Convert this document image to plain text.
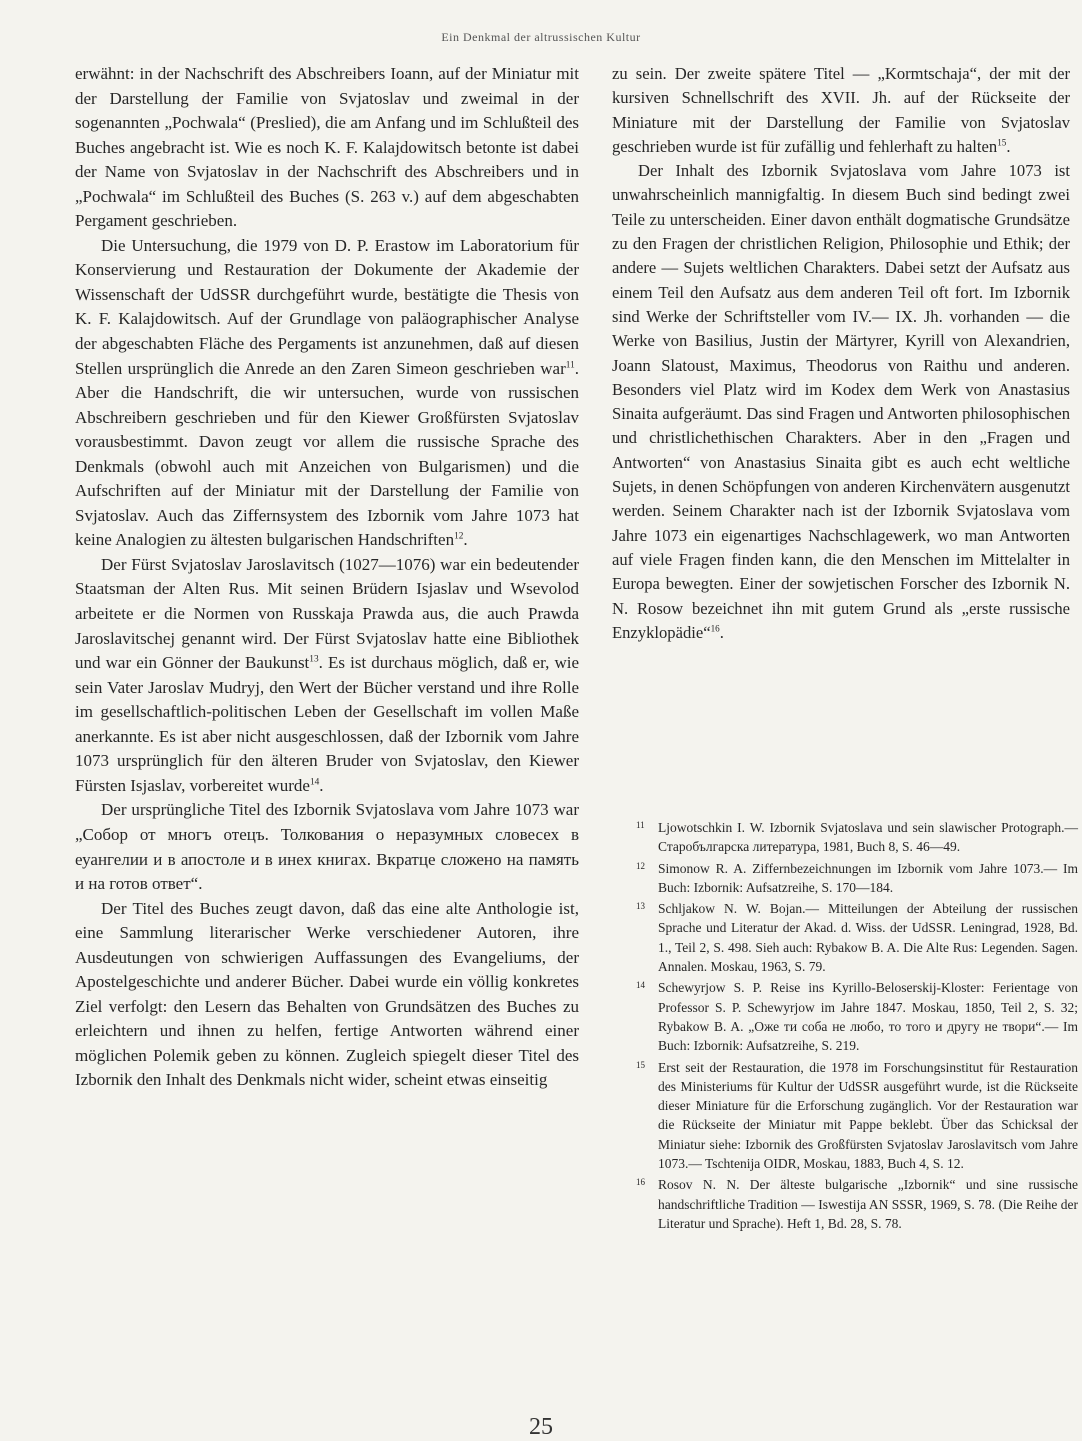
Ein Denkmal der altrussischen Kultur

erwähnt: in der Nachschrift des Abschreibers Ioann, auf der Miniatur mit der Darstellung der Familie von Svjatoslav und zweimal in der sogenannten „Pochwala“ (Preslied), die am Anfang und im Schlußteil des Buches angebracht ist. Wie es noch K. F. Kalajdowitsch betonte ist dabei der Name von Svjatoslav in der Nachschrift des Abschreibers und in „Pochwala“ im Schlußteil des Buches (S. 263 v.) auf dem abgeschabten Pergament geschrieben.

Die Untersuchung, die 1979 von D. P. Erastow im Laboratorium für Konservierung und Restauration der Dokumente der Akademie der Wissenschaft der UdSSR durchgeführt wurde, bestätigte die Thesis von K. F. Kalajdowitsch. Auf der Grundlage von paläographischer Analyse der abgeschabten Fläche des Pergaments ist anzunehmen, daß auf diesen Stellen ursprünglich die Anrede an den Zaren Simeon geschrieben war$^{11}$. Aber die Handschrift, die wir untersuchen, wurde von russischen Abschreibern geschrieben und für den Kiewer Großfürsten Svjatoslav vorausbestimmt. Davon zeugt vor allem die russische Sprache des Denkmals (obwohl auch mit Anzeichen von Bulgarismen) und die Aufschriften auf der Miniatur mit der Darstellung der Familie von Svjatoslav. Auch das Ziffernsystem des Izbornik vom Jahre 1073 hat keine Analogien zu ältesten bulgarischen Handschriften$^{12}$.

Der Fürst Svjatoslav Jaroslavitsch (1027—1076) war ein bedeutender Staatsman der Alten Rus. Mit seinen Brüdern Isjaslav und Wsevolod arbeitete er die Normen von Russkaja Prawda aus, die auch Prawda Jaroslavitschej genannt wird. Der Fürst Svjatoslav hatte eine Bibliothek und war ein Gönner der Baukunst$^{13}$. Es ist durchaus möglich, daß er, wie sein Vater Jaroslav Mudryj, den Wert der Bücher verstand und ihre Rolle im gesellschaftlich-politischen Leben der Gesellschaft im vollen Maße anerkannte. Es ist aber nicht ausgeschlossen, daß der Izbornik vom Jahre 1073 ursprünglich für den älteren Bruder von Svjatoslav, den Kiewer Fürsten Isjaslav, vorbereitet wurde$^{14}$.

Der ursprüngliche Titel des Izbornik Svjatoslava vom Jahre 1073 war „Собор от многъ отецъ. Толкования о неразумных словесех в еуангелии и в апостоле и в инех книгах. Вкратце сложено на память и на готов ответ“.

Der Titel des Buches zeugt davon, daß das eine alte Anthologie ist, eine Sammlung literarischer Werke verschiedener Autoren, ihre Ausdeutungen von schwierigen Auffassungen des Evangeliums, der Apostelgeschichte und anderer Bücher. Dabei wurde ein völlig konkretes Ziel verfolgt: den Lesern das Behalten von Grundsätzen des Buches zu erleichtern und ihnen zu helfen, fertige Antworten während einer möglichen Polemik geben zu können. Zugleich spiegelt dieser Titel des Izbornik den Inhalt des Denkmals nicht wider, scheint etwas einseitig

zu sein. Der zweite spätere Titel — „Kormtschaja“, der mit der kursiven Schnellschrift des XVII. Jh. auf der Rückseite der Miniature mit der Darstellung der Familie von Svjatoslav geschrieben wurde ist für zufällig und fehlerhaft zu halten$^{15}$.

Der Inhalt des Izbornik Svjatoslava vom Jahre 1073 ist unwahrscheinlich mannigfaltig. In diesem Buch sind bedingt zwei Teile zu unterscheiden. Einer davon enthält dogmatische Grundsätze zu den Fragen der christlichen Religion, Philosophie und Ethik; der andere — Sujets weltlichen Charakters. Dabei setzt der Aufsatz aus einem Teil den Aufsatz aus dem anderen Teil oft fort. Im Izbornik sind Werke der Schriftsteller vom IV.— IX. Jh. vorhanden — die Werke von Basilius, Justin der Märtyrer, Kyrill von Alexandrien, Joann Slatoust, Maximus, Theodorus von Raithu und anderen. Besonders viel Platz wird im Kodex dem Werk von Anastasius Sinaita aufgeräumt. Das sind Fragen und Antworten philosophischen und christlichethischen Charakters. Aber in den „Fragen und Antworten“ von Anastasius Sinaita gibt es auch echt weltliche Sujets, in denen Schöpfungen von anderen Kirchenvätern ausgenutzt werden. Seinem Charakter nach ist der Izbornik Svjatoslava vom Jahre 1073 ein eigenartiges Nachschlagewerk, wo man Antworten auf viele Fragen finden kann, die den Menschen im Mittelalter in Europa bewegten. Einer der sowjetischen Forscher des Izbornik N. N. Rosow bezeichnet ihn mit gutem Grund als „erste russische Enzyklopädie“$^{16}$.

11 Ljowotschkin I. W. Izbornik Svjatoslava und sein slawischer Protograph.— Старобългарска литература, 1981, Buch 8, S. 46—49.
12 Simonow R. A. Ziffernbezeichnungen im Izbornik vom Jahre 1073.— Im Buch: Izbornik: Aufsatzreihe, S. 170—184.
13 Schljakow N. W. Bojan.— Mitteilungen der Abteilung der russischen Sprache und Literatur der Akad. d. Wiss. der UdSSR. Leningrad, 1928, Bd. 1., Teil 2, S. 498. Sieh auch: Rybakow B. A. Die Alte Rus: Legenden. Sagen. Annalen. Moskau, 1963, S. 79.
14 Schewyrjow S. P. Reise ins Kyrillo-Beloserskij-Kloster: Ferientage von Professor S. P. Schewyrjow im Jahre 1847. Moskau, 1850, Teil 2, S. 32; Rybakow B. A. „Оже ти соба не любо, то того и другу не твори“.— Im Buch: Izbornik: Aufsatzreihe, S. 219.
15 Erst seit der Restauration, die 1978 im Forschungsinstitut für Restauration des Ministeriums für Kultur der UdSSR ausgeführt wurde, ist die Rückseite dieser Miniature für die Erforschung zugänglich. Vor der Restauration war die Rückseite der Miniatur mit Pappe beklebt. Über das Schicksal der Miniatur siehe: Izbornik des Großfürsten Svjatoslav Jaroslavitsch vom Jahre 1073.— Tschtenija OIDR, Moskau, 1883, Buch 4, S. 12.
16 Rosov N. N. Der älteste bulgarische „Izbornik“ und sine russische handschriftliche Tradition — Iswestija AN SSSR, 1969, S. 78. (Die Reihe der Literatur und Sprache). Heft 1, Bd. 28, S. 78.
25
